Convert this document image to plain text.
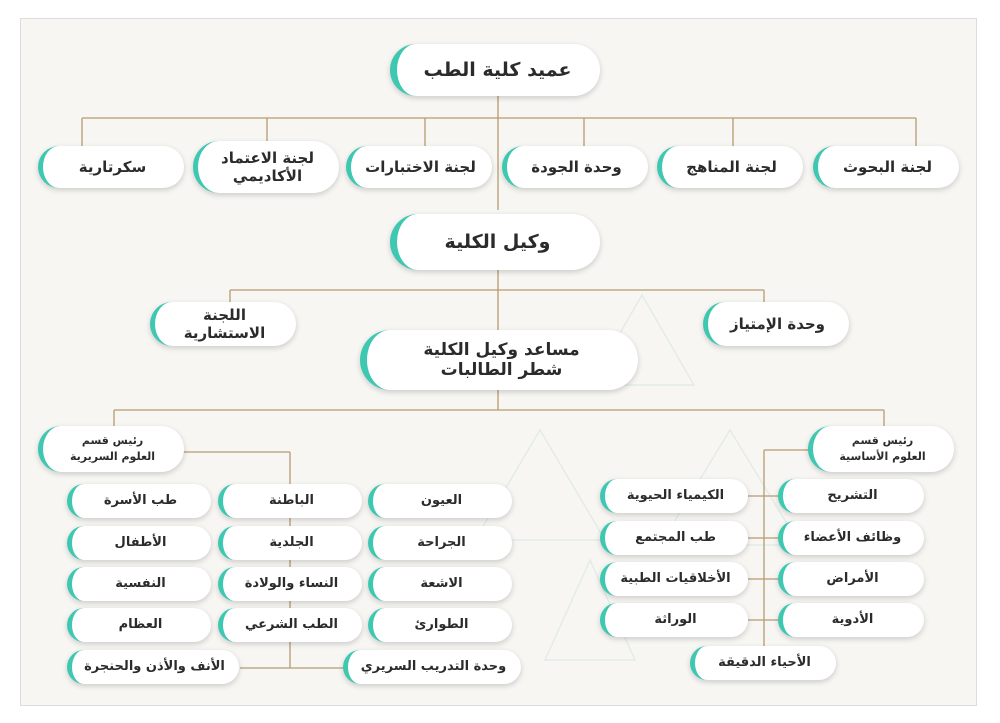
عميد كلية الطب
لجنة البحوث
لجنة المناهج
وحدة الجودة
لجنة الاختبارات
لجنة الاعتماد
الأكاديمي
سكرتارية
وكيل الكلية
وحدة الإمتياز
اللجنة الاستشارية
مساعد وكيل الكلية
شطر الطالبات
رئيس قسم
العلوم السريرية
رئيس قسم
العلوم الأساسية
العيون
الجراحة
الاشعة
الطوارئ
وحدة التدريب السريري
الباطنة
الجلدية
النساء والولادة
الطب الشرعي
طب الأسرة
الأطفال
النفسية
العظام
الأنف والأذن والحنجرة
الكيمياء الحيوية
طب المجتمع
الأخلاقيات الطبية
الوراثة
التشريح
وظائف الأعضاء
الأمراض
الأدوية
الأحياء الدقيقة
